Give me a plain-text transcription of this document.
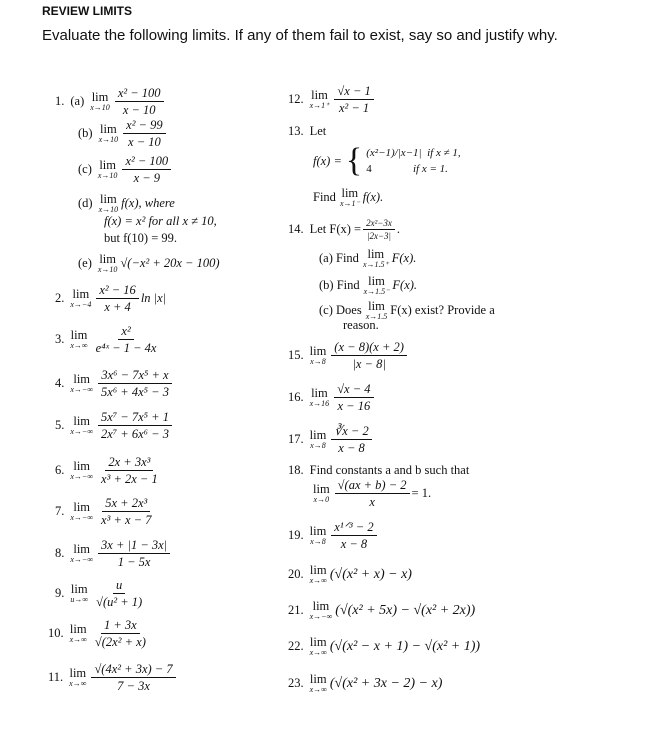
REVIEW LIMITS
Evaluate the following limits. If any of them fail to exist, say so and justify why.
1. (a) lim
$x\to 10 \frac{\text{x² − 100}}{x - 10}$
(b) lim
$x\to 10 \frac{\text{x² − 99}}{x - 10}$
(c) lim
$x\to 10 \frac{\text{x² − 100}}{x - 9}$
(d) lim
x→10 f(x), where
f(x) = x² for all x ≠ 10,
but f(10) = 99.
(e) lim
x→10 √(−x² + 20x − 100)
2. lim
$x\to-4 \frac{\text{x² − 16}}{x + 4}$ ln |x|
3. lim
$x\to\infty \frac{\text{x²}}{\text{e⁴ˣ − 1 − 4x}}$
4. lim
$x\to-\infty \frac{\text{3x⁶ − 7x⁵ + x}}{\text{5x⁶ + 4x⁵ − 3}}$
5. lim
$x\to-\infty \frac{\text{5x⁷ − 7x⁵ + 1}}{\text{2x⁷ + 6x⁶ − 3}}$
6. lim
$x\to-\infty \frac{\text{2x + 3x³}}{\text{x³ + 2x − 1}}$
7. lim
$x\to-\infty \frac{\text{5x + 2x³}}{\text{x³ + x − 7}}$
8. lim
$x\to-\infty \frac{3x + |1 - 3x|}{1 - 5x}$
9. lim
$u\to\infty \frac{u}{\text{√(u² + 1)}}$
10. lim
$x\to\infty \frac{1 + 3x}{\text{√(2x² + x)}}$
11. lim
$x\to\infty \frac{\text{√(4x² + 3x) − 7}}{7 - 3x}$
12. lim
$x\to 1^+ \frac{√x - 1}{\text{x² − 1}}$
13. Let
f(x) = { (x²−1)/|x−1| if x ≠ 1,
4	if x = 1.
Find lim
x→1⁻ f(x).
14. Let $F(x) = \frac{\text{2x²−3x}}{|2x-3|}$ .
(a) Find lim
x→1.5⁺ F(x).
(b) Find lim
x→1.5⁻ F(x).
(c) Does lim
x→1.5 F(x) exist? Provide a
reason.
15. lim
$x\to 8 \frac{(x - 8)(x + 2)}{|x - 8|}$
16. lim
$x\to 16 \frac{√x - 4}{x - 16}$
17. lim
$x\to 8 \frac{∛x - 2}{x - 8}$
18. Find constants a and b such that
lim
$x\to 0 \frac{√(ax + b) - 2}{x} = 1$.
19. lim
$x\to 8 \frac{\text{x¹ᐟ³ − 2}}{x - 8}$
20. lim
x→∞ (√(x² + x) − x)
21. lim
x→−∞ (√(x² + 5x) − √(x² + 2x))
22. lim
x→∞ (√(x² − x + 1) − √(x² + 1))
23. lim
x→∞ (√(x² + 3x − 2) − x)
